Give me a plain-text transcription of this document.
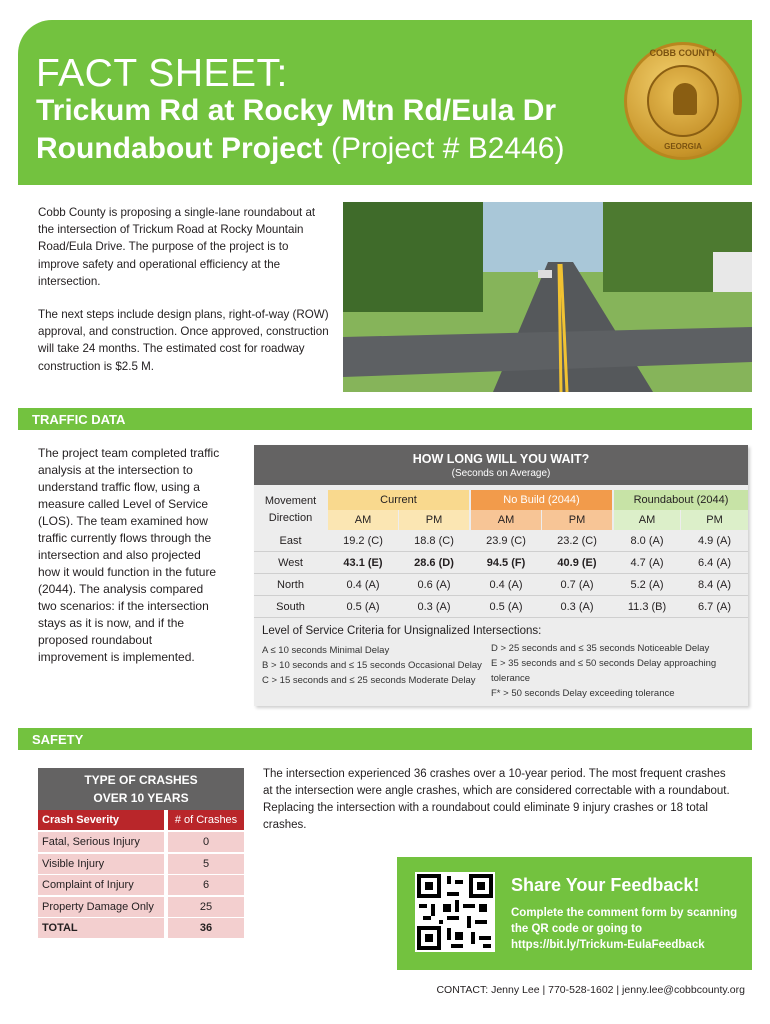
FACT SHEET:
Trickum Rd at Rocky Mtn Rd/Eula Dr
Roundabout Project (Project # B2446)
COBB COUNTY
GEORGIA

Cobb County is proposing a single-lane roundabout at the intersection of Trickum Road at Rocky Mountain Road/Eula Drive. The purpose of the project is to improve safety and operational efficiency at the intersection.

The next steps include design plans, right-of-way (ROW) approval, and construction. Once approved, construction will take 24 months. The estimated cost for roadway construction is $2.5 M.

TRAFFIC DATA

The project team completed traffic analysis at the intersection to understand traffic flow, using a measure called Level of Service (LOS). The team examined how traffic currently flows through the intersection and also projected how it would function in the future (2044). The analysis compared two scenarios: if the intersection stays as it is now, and if the proposed roundabout improvement is implemented.

HOW LONG WILL YOU WAIT?
(Seconds on Average)
Movement
Direction
Current	No Build (2044)	Roundabout (2044)
AM	PM	AM	PM	AM	PM
East	19.2 (C)	18.8 (C)	23.9 (C)	23.2 (C)	8.0 (A)	4.9 (A)
West	43.1 (E)	28.6 (D)	94.5 (F)	40.9 (E)	4.7 (A)	6.4 (A)
North	0.4 (A)	0.6 (A)	0.4 (A)	0.7 (A)	5.2 (A)	8.4 (A)
South	0.5 (A)	0.3 (A)	0.5 (A)	0.3 (A)	11.3 (B)	6.7 (A)
Level of Service Criteria for Unsignalized Intersections:
A ≤ 10 seconds Minimal Delay
B > 10 seconds and ≤ 15 seconds Occasional Delay
C > 15 seconds and ≤ 25 seconds Moderate Delay
D > 25 seconds and ≤ 35 seconds Noticeable Delay
E > 35 seconds and ≤ 50 seconds Delay approaching
tolerance
F* > 50 seconds Delay exceeding tolerance
SAFETY
TYPE OF CRASHES
OVER 10 YEARS
Crash Severity	# of Crashes
Fatal, Serious Injury	0
Visible Injury	5
Complaint of Injury	6
Property Damage Only	25
TOTAL	36

The intersection experienced 36 crashes over a 10-year period. The most frequent crashes at the intersection were angle crashes, which are considered correctable with a roundabout. Replacing the intersection with a roundabout could eliminate 9 injury crashes or 18 total crashes.

Share Your Feedback!
Complete the comment form by scanning the QR code or going to https://bit.ly/Trickum-EulaFeedback
CONTACT: Jenny Lee | 770-528-1602 | jenny.lee@cobbcounty.org
